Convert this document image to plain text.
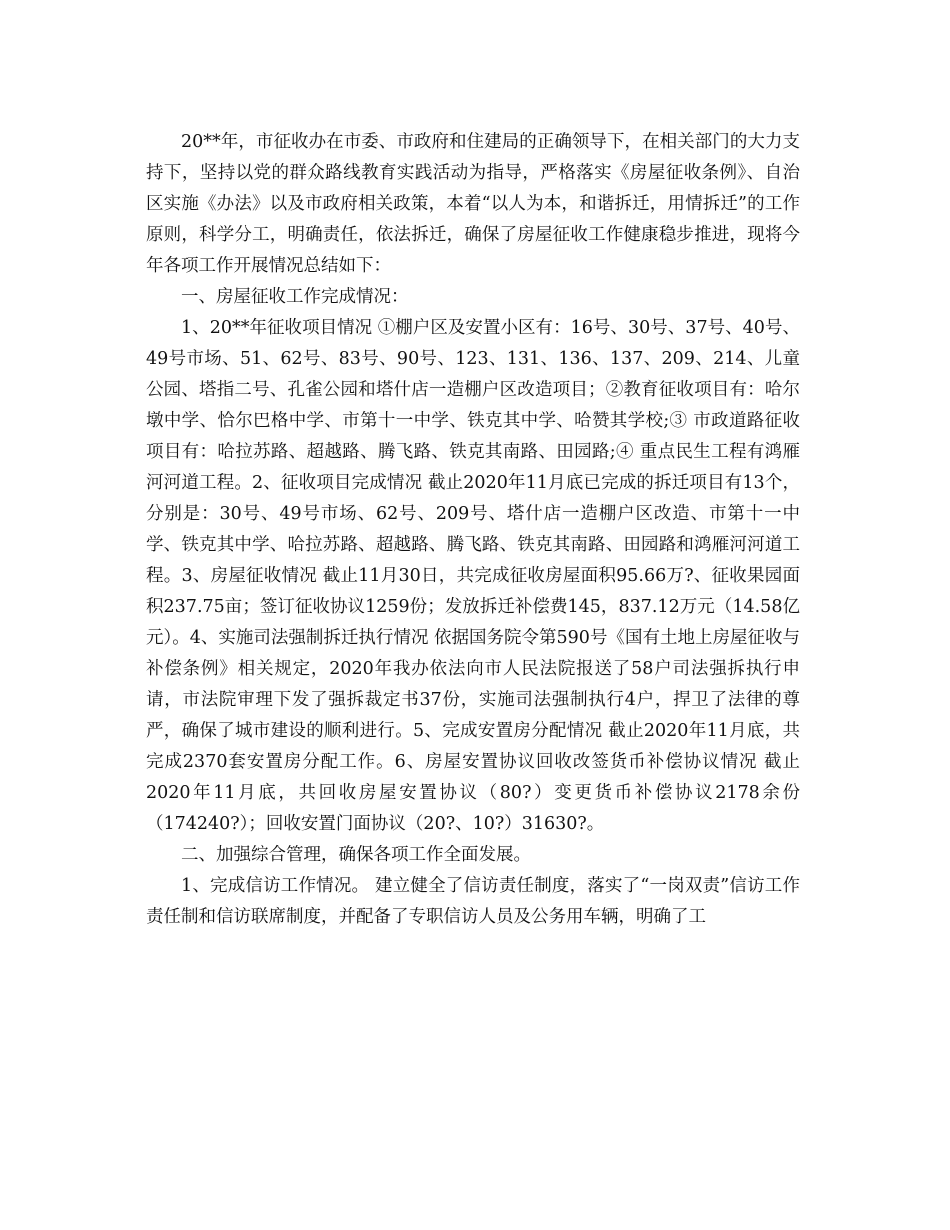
20**年，市征收办在市委、市政府和住建局的正确领导下，在相关部门的大力支持下，坚持以党的群众路线教育实践活动为指导，严格落实《房屋征收条例》、自治区实施《办法》以及市政府相关政策，本着“以人为本，和谐拆迁，用情拆迁”的工作原则，科学分工，明确责任，依法拆迁，确保了房屋征收工作健康稳步推进，现将今年各项工作开展情况总结如下：

一、房屋征收工作完成情况：

1、20**年征收项目情况 ①棚户区及安置小区有：16号、30号、37号、40号、49号市场、51、62号、83号、90号、123、131、136、137、209、214、儿童公园、塔指二号、孔雀公园和塔什店一造棚户区改造项目；②教育征收项目有：哈尔墩中学、恰尔巴格中学、市第十一中学、铁克其中学、哈赞其学校;③ 市政道路征收项目有：哈拉苏路、超越路、腾飞路、铁克其南路、田园路;④ 重点民生工程有鸿雁河河道工程。2、征收项目完成情况 截止2020年11月底已完成的拆迁项目有13个，分别是：30号、49号市场、62号、209号、塔什店一造棚户区改造、市第十一中学、铁克其中学、哈拉苏路、超越路、腾飞路、铁克其南路、田园路和鸿雁河河道工程。3、房屋征收情况 截止11月30日，共完成征收房屋面积95.66万?、征收果园面积237.75亩；签订征收协议1259份；发放拆迁补偿费145，837.12万元（14.58亿元）。4、实施司法强制拆迁执行情况 依据国务院令第590号《国有土地上房屋征收与补偿条例》相关规定，2020年我办依法向市人民法院报送了58户司法强拆执行申请，市法院审理下发了强拆裁定书37份，实施司法强制执行4户，捍卫了法律的尊严，确保了城市建设的顺利进行。5、完成安置房分配情况 截止2020年11月底，共完成2370套安置房分配工作。6、房屋安置协议回收改签货币补偿协议情况 截止2020年11月底，共回收房屋安置协议（80?）变更货币补偿协议2178余份（174240?）；回收安置门面协议（20?、10?）31630?。

二、加强综合管理，确保各项工作全面发展。

1、完成信访工作情况。 建立健全了信访责任制度，落实了“一岗双责”信访工作责任制和信访联席制度，并配备了专职信访人员及公务用车辆，明确了工
